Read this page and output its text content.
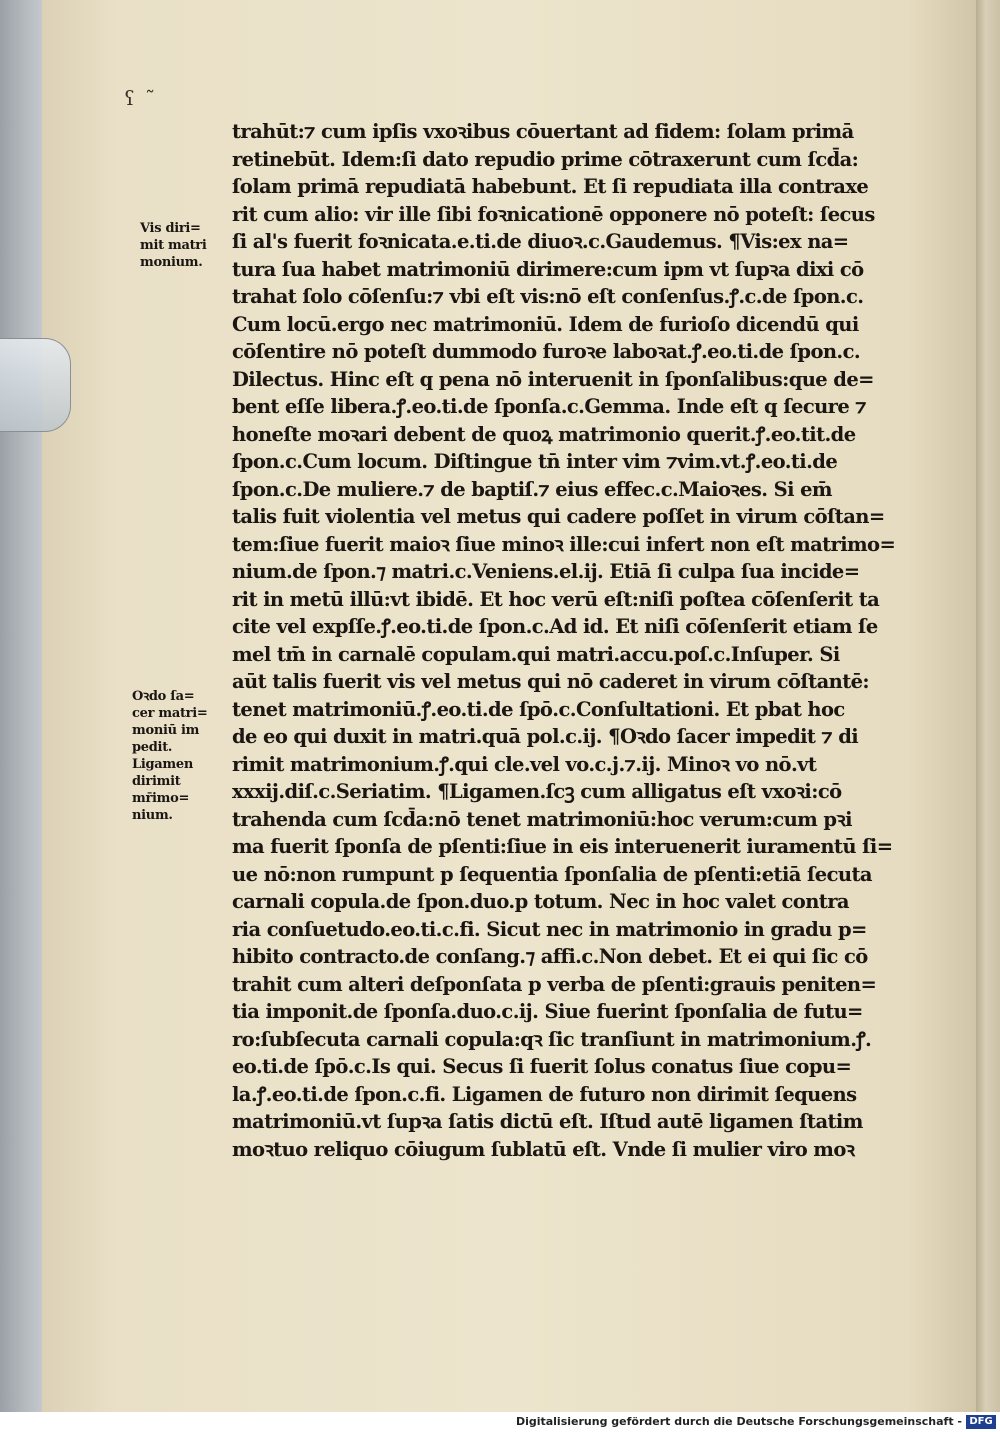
ʕ ˜
trahūt:⁊ cum ipſis vxoꝛibus cōuertant ad fidem: ſolam primā
retinebūt. Idem:ſi dato repudio prime cōtraxerunt cum ſcd̄a:
ſolam primā repudiatā habebunt. Et ſi repudiata illa contraxe
rit cum alio: vir ille ſibi foꝛnicationē opponere nō poteſt: ſecus
ſi al's fuerit foꝛnicata.e.ti.de diuoꝛ.c.Gaudemus. ¶Vis:ex na=
tura ſua habet matrimoniū dirimere:cum ipm vt ſupꝛa dixi cō
trahat ſolo cōſenſu:⁊ vbi eſt vis:nō eſt conſenſus.ꝭ.c.de ſpon.c.
Cum locū.ergo nec matrimoniū. Idem de furioſo dicendū qui
cōſentire nō poteſt dummodo furoꝛe laboꝛat.ꝭ.eo.ti.de ſpon.c.
Dilectus. Hinc eſt q pena nō interuenit in ſponſalibus:que de=
bent eſſe libera.ꝭ.eo.ti.de ſponſa.c.Gemma. Inde eſt q ſecure ⁊
honeſte moꝛari debent de quoꝝ matrimonio querit.ꝭ.eo.tit.de
ſpon.c.Cum locum. Diſtingue tn̄ inter vim ⁊vim.vt.ꝭ.eo.ti.de
ſpon.c.De muliere.⁊ de baptiſ.⁊ eius effec.c.Maioꝛes. Si em̄
talis fuit violentia vel metus qui cadere poſſet in virum cōſtan=
tem:ſiue fuerit maioꝛ ſiue minoꝛ ille:cui infert non eſt matrimo=
nium.de ſpon.⁊ matri.c.Veniens.el.ij. Etiā ſi culpa ſua incide=
rit in metū illū:vt ibidē. Et hoc verū eſt:niſi poſtea cōſenſerit ta
cite vel expſſe.ꝭ.eo.ti.de ſpon.c.Ad id. Et niſi cōſenſerit etiam ſe
mel tm̄ in carnalē copulam.qui matri.accu.poſ.c.Inſuper. Si
aūt talis fuerit vis vel metus qui nō caderet in virum cōſtantē:
tenet matrimoniū.ꝭ.eo.ti.de ſpō.c.Conſultationi. Et pbat hoc
de eo qui duxit in matri.quā pol.c.ij. ¶Oꝛdo ſacer impedit ⁊ di
rimit matrimonium.ꝭ.qui cle.vel vo.c.j.⁊.ij. Minoꝛ vo nō.vt
xxxij.diſ.c.Seriatim. ¶Ligamen.ſcꝫ cum alligatus eſt vxoꝛi:cō
trahenda cum ſcd̄a:nō tenet matrimoniū:hoc verum:cum pꝛi
ma fuerit ſponſa de pſenti:ſiue in eis interuenerit iuramentū ſi=
ue nō:non rumpunt p ſequentia ſponſalia de pſenti:etiā ſecuta
carnali copula.de ſpon.duo.p totum. Nec in hoc valet contra
ria conſuetudo.eo.ti.c.fi. Sicut nec in matrimonio in gradu p=
hibito contracto.de conſang.⁊ affi.c.Non debet. Et ei qui ſic cō
trahit cum alteri deſponſata p verba de pſenti:grauis peniten=
tia imponit.de ſponſa.duo.c.ij. Siue fuerint ſponſalia de futu=
ro:ſubſecuta carnali copula:qꝛ ſic tranſiunt in matrimonium.ꝭ.
eo.ti.de ſpō.c.Is qui. Secus ſi fuerit ſolus conatus ſiue copu=
la.ꝭ.eo.ti.de ſpon.c.fi. Ligamen de futuro non dirimit ſequens
matrimoniū.vt ſupꝛa ſatis dictū eſt. Iſtud autē ligamen ſtatim
moꝛtuo reliquo cōiugum ſublatū eſt. Vnde ſi mulier viro moꝛ
Vis diri=
mit matri
monium.
Oꝛdo ſa=
cer matri=
moniū im
pedit.
Ligamen
dirimit
mr̄imo=
nium.
Digitalisierung gefördert durch die Deutsche Forschungsgemeinschaft - DFG
